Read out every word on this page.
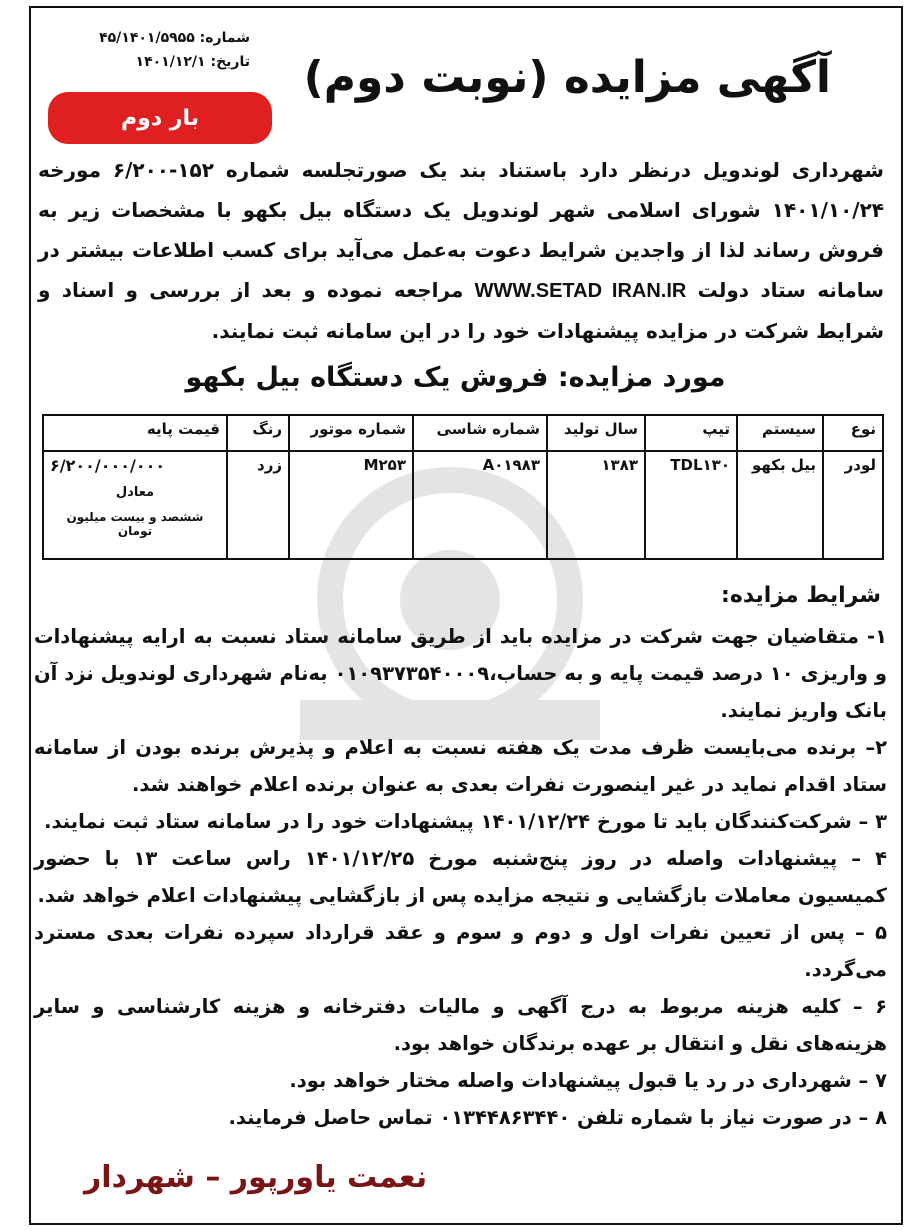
شماره: ۴۵/۱۴۰۱/۵۹۵۵
تاریخ: ۱۴۰۱/۱۲/۱
بار دوم
آگهی مزایده (نوبت دوم)
شهرداری لوندویل درنظر دارد باستناد بند یک صورتجلسه شماره ۱۵۲-۶/۲۰۰ مورخه ۱۴۰۱/۱۰/۲۴ شورای اسلامی شهر لوندویل یک دستگاه بیل بکهو با مشخصات زیر به فروش رساند لذا از واجدین شرایط دعوت به‌عمل می‌آید برای کسب اطلاعات بیشتر در سامانه ستاد دولت WWW.SETAD IRAN.IR مراجعه نموده و بعد از بررسی و اسناد و شرایط شرکت در مزایده پیشنهادات خود را در این سامانه ثبت نمایند.
مورد مزایده: فروش یک دستگاه بیل بکهو
نوع	سیستم	تیپ	سال تولید	شماره شاسی	شماره موتور	رنگ	قیمت پایه
لودر	بیل بکهو	TDL۱۳۰	۱۳۸۳	A۰۱۹۸۳	M۲۵۳	زرد	۶/۲۰۰/۰۰۰/۰۰۰
معادل
ششصد و بیست میلیون تومان
شرایط مزایده:

۱- متقاضیان جهت شرکت در مزایده باید از طریق سامانه ستاد نسبت به ارایه پیشنهادات و واریزی ۱۰ درصد قیمت پایه و به حساب،۰۱۰۹۳۷۳۵۴۰۰۰۹ به‌نام شهرداری لوندویل نزد آن بانک واریز نمایند.

۲– برنده می‌بایست ظرف مدت یک هفته نسبت به اعلام و پذیرش برنده بودن از سامانه ستاد اقدام نماید در غیر اینصورت نفرات بعدی به عنوان برنده اعلام خواهند شد.

۳ – شرکت‌کنندگان باید تا مورخ ۱۴۰۱/۱۲/۲۴ پیشنهادات خود را در سامانه ستاد ثبت نمایند.

۴ – پیشنهادات واصله در روز پنج‌شنبه مورخ ۱۴۰۱/۱۲/۲۵ راس ساعت ۱۳ با حضور کمیسیون معاملات بازگشایی و نتیجه مزایده پس از بازگشایی پیشنهادات اعلام خواهد شد.

۵ – پس از تعیین نفرات اول و دوم و سوم و عقد قرارداد سپرده نفرات بعدی مسترد می‌گردد.

۶ – کلیه هزینه مربوط به درج آگهی و مالیات دفترخانه و هزینه کارشناسی و سایر هزینه‌های نقل و انتقال بر عهده برندگان خواهد بود.

۷ – شهرداری در رد یا قبول پیشنهادات واصله مختار خواهد بود.

۸ – در صورت نیاز با شماره تلفن ۰۱۳۴۴۸۶۳۴۴۰ تماس حاصل فرمایند.

نعمت یاورپور – شهردار
